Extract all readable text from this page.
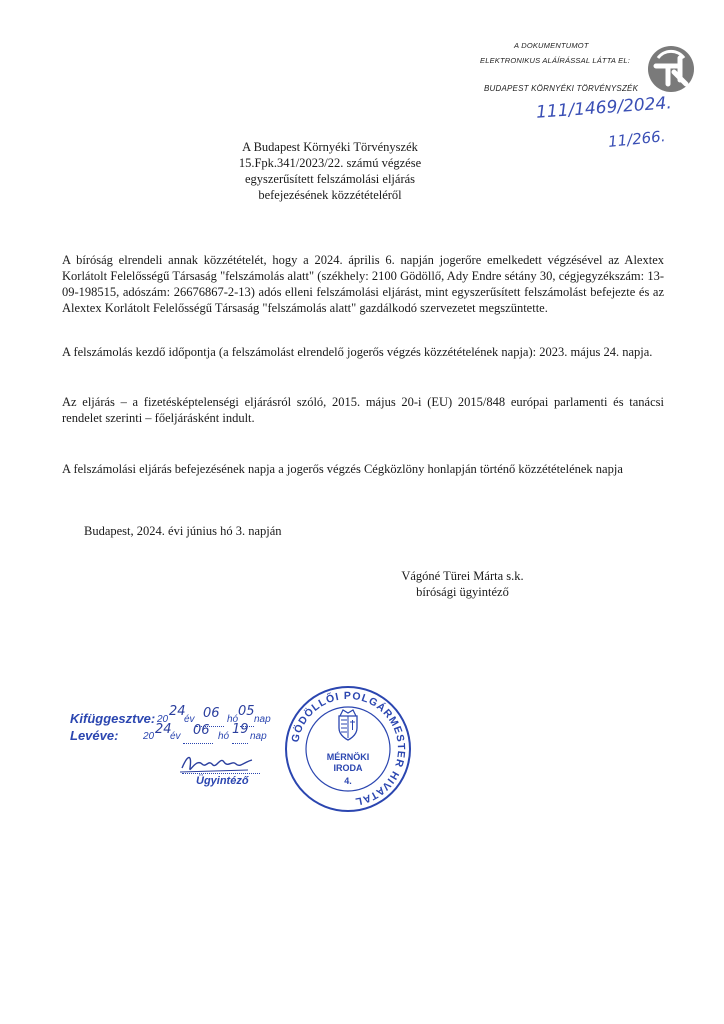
A DOKUMENTUMOT
ELEKTRONIKUS ALÁÍRÁSSAL LÁTTA EL:
BUDAPEST KÖRNYÉKI TÖRVÉNYSZÉK
111/1469/2024.
11/266.
A Budapest Környéki Törvényszék
15.Fpk.341/2023/22. számú végzése
egyszerűsített felszámolási eljárás
befejezésének közzétételéről
A bíróság elrendeli annak közzétételét, hogy a 2024. április 6. napján jogerőre emelkedett végzésével az Alextex Korlátolt Felelősségű Társaság "felszámolás alatt" (székhely: 2100 Gödöllő, Ady Endre sétány 30, cégjegyzékszám: 13-09-198515, adószám: 26676867-2-13) adós elleni felszámolási eljárást, mint egyszerűsített felszámolást befejezte és az Alextex Korlátolt Felelősségű Társaság "felszámolás alatt" gazdálkodó szervezetet megszüntette.
A felszámolás kezdő időpontja (a felszámolást elrendelő jogerős végzés közzétételének napja): 2023. május 24. napja.
Az eljárás – a fizetésképtelenségi eljárásról szóló, 2015. május 20-i (EU) 2015/848 európai parlamenti és tanácsi rendelet szerinti – főeljárásként indult.
A felszámolási eljárás befejezésének napja a jogerős végzés Cégközlöny honlapján történő közzétételének napja
Budapest, 2024. évi június hó 3. napján
Vágóné Türei Márta s.k.
bírósági ügyintéző
Kifüggesztve: 20
24
év 06 hó
05
nap
Levéve: 20 24
év 06 hó 19 nap
Ügyintéző
GÖDÖLLŐI POLGÁRMESTER HIVATAL
MÉRNÖKI
IRODA
4.
